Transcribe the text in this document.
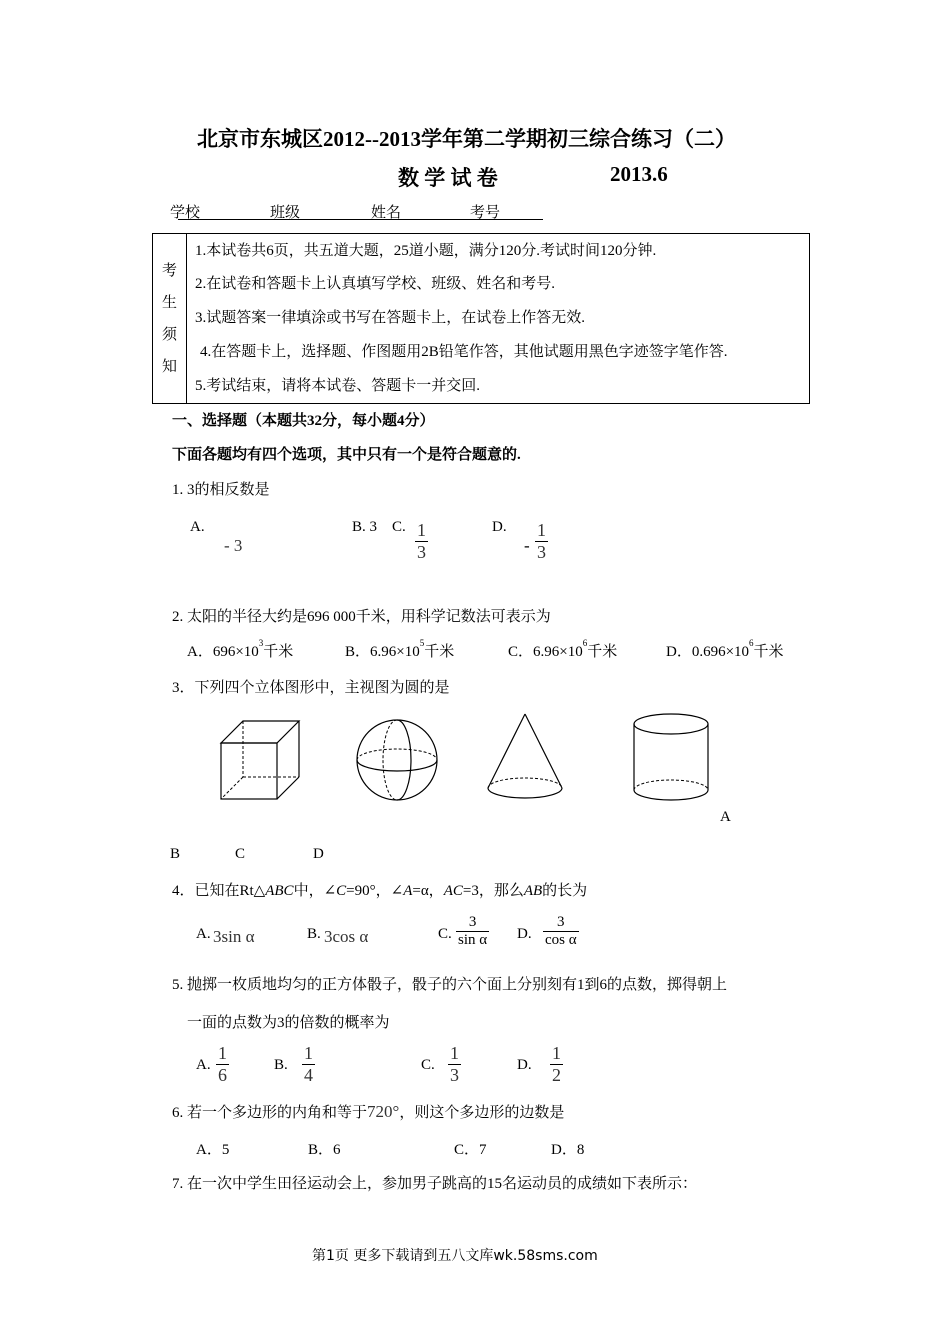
北京市东城区2012--2013学年第二学期初三综合练习（二）
数 学 试 卷	2013.6
学校	班级	姓名	考号
考
生
须
知
1.本试卷共6页，共五道大题，25道小题，满分120分.考试时间120分钟.
2.在试卷和答题卡上认真填写学校、班级、姓名和考号.
3.试题答案一律填涂或书写在答题卡上，在试卷上作答无效.
4.在答题卡上，选择题、作图题用2B铅笔作答，其他试题用黑色字迹签字笔作答.
5.考试结束，请将本试卷、答题卡一并交回.
一、选择题（本题共32分，每小题4分）
下面各题均有四个选项，其中只有一个是符合题意的.
1. 3的相反数是
A.
- 3
B. 3 C. $\frac{1}{3}$	D.
- $\frac{1}{3}$
2. 太阳的半径大约是696 000千米，用科学记数法可表示为
A．$696\times 10^3$千米	B．$6.96\times 10^5$千米	C．$6.96\times 10^6$千米	D．$0.696\times 10^6$千米
3．下列四个立体图形中，主视图为圆的是
A
B	C	D
4．已知在Rt△ABC中，∠C=90°，∠A=α，AC=3，那么AB的长为
A. 3sin α	B. 3cos α	C. $\frac{3}{\text{sin α}} D$. $\frac{3}{\text{cos α}}$
5. 抛掷一枚质地均匀的正方体骰子，骰子的六个面上分别刻有1到6的点数，掷得朝上
一面的点数为3的倍数的概率为
A. $\frac{1}{6}$	B. $\frac{1}{4}$	C. $\frac{1}{3}$	D. $\frac{1}{2}$
6. 若一个多边形的内角和等于720°，则这个多边形的边数是
A．5	B．6	C．7	D．8
7. 在一次中学生田径运动会上，参加男子跳高的15名运动员的成绩如下表所示：
第1页 更多下载请到五八文库wk.58sms.com
